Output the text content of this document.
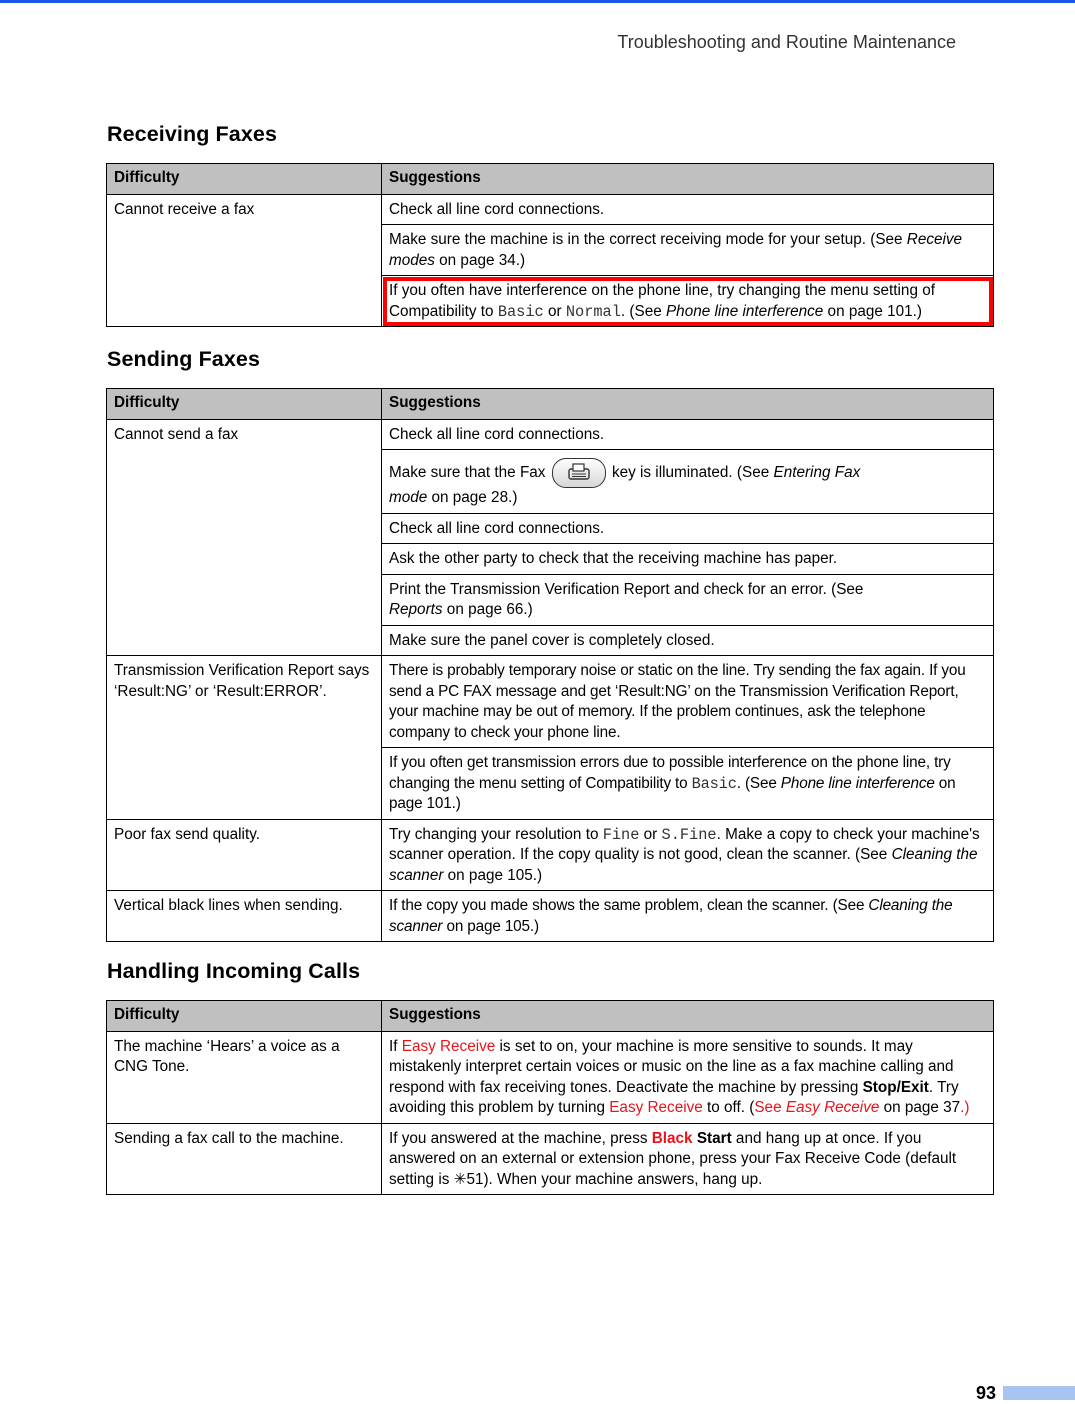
Troubleshooting and Routine Maintenance
Receiving Faxes
Difficulty	Suggestions
Cannot receive a fax	Check all line cord connections.
	Make sure the machine is in the correct receiving mode for your setup. (See Receive modes on page 34.)
	If you often have interference on the phone line, try changing the menu setting of Compatibility to Basic or Normal. (See Phone line interference on page 101.)
Sending Faxes
Difficulty	Suggestions
Cannot send a fax	Check all line cord connections.
	Make sure that the Fax key is illuminated. (See Entering Fax
mode on page 28.)
	Check all line cord connections.
	Ask the other party to check that the receiving machine has paper.
	Print the Transmission Verification Report and check for an error. (See
Reports on page 66.)
	Make sure the panel cover is completely closed.
Transmission Verification Report says ‘Result:NG’ or ‘Result:ERROR’.	There is probably temporary noise or static on the line. Try sending the fax again. If you send a PC FAX message and get ‘Result:NG’ on the Transmission Verification Report, your machine may be out of memory. If the problem continues, ask the telephone company to check your phone line.
	If you often get transmission errors due to possible interference on the phone line, try changing the menu setting of Compatibility to Basic. (See Phone line interference on page 101.)
Poor fax send quality.	Try changing your resolution to Fine or S.Fine. Make a copy to check your machine's scanner operation. If the copy quality is not good, clean the scanner. (See Cleaning the scanner on page 105.)
Vertical black lines when sending.	If the copy you made shows the same problem, clean the scanner. (See Cleaning the scanner on page 105.)
Handling Incoming Calls
Difficulty	Suggestions
The machine ‘Hears’ a voice as a CNG Tone.	If Easy Receive is set to on, your machine is more sensitive to sounds. It may mistakenly interpret certain voices or music on the line as a fax machine calling and respond with fax receiving tones. Deactivate the machine by pressing Stop/Exit. Try avoiding this problem by turning Easy Receive to off. (See Easy Receive on page 37.)
Sending a fax call to the machine.	If you answered at the machine, press Black Start and hang up at once. If you answered on an external or extension phone, press your Fax Receive Code (default setting is ✳51). When your machine answers, hang up.
93
